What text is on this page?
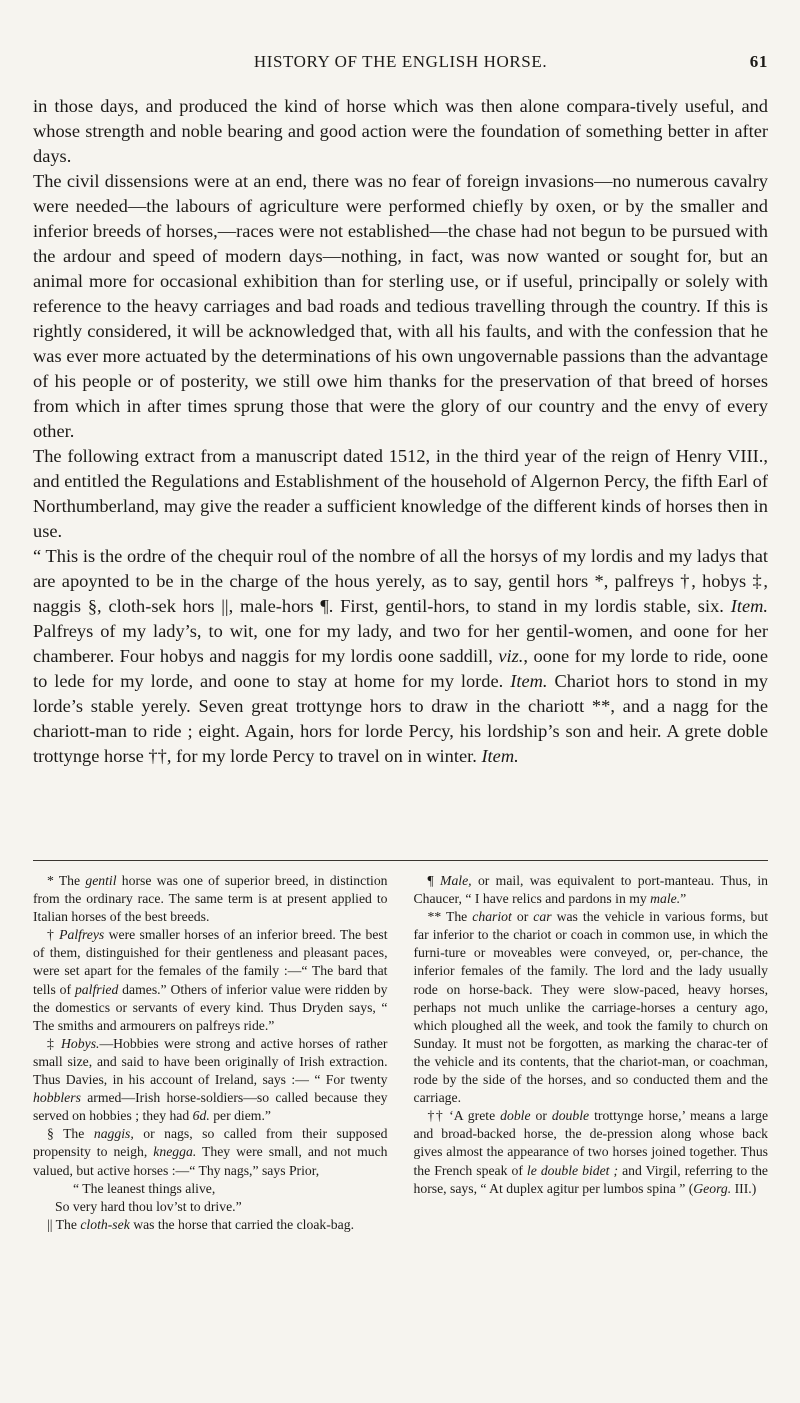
HISTORY OF THE ENGLISH HORSE.	61

in those days, and produced the kind of horse which was then alone compara-tively useful, and whose strength and noble bearing and good action were the foundation of something better in after days.

The civil dissensions were at an end, there was no fear of foreign invasions—no numerous cavalry were needed—the labours of agriculture were performed chiefly by oxen, or by the smaller and inferior breeds of horses,—races were not established—the chase had not begun to be pursued with the ardour and speed of modern days—nothing, in fact, was now wanted or sought for, but an animal more for occasional exhibition than for sterling use, or if useful, principally or solely with reference to the heavy carriages and bad roads and tedious travelling through the country. If this is rightly considered, it will be acknowledged that, with all his faults, and with the confession that he was ever more actuated by the determinations of his own ungovernable passions than the advantage of his people or of posterity, we still owe him thanks for the preservation of that breed of horses from which in after times sprung those that were the glory of our country and the envy of every other.

The following extract from a manuscript dated 1512, in the third year of the reign of Henry VIII., and entitled the Regulations and Establishment of the household of Algernon Percy, the fifth Earl of Northumberland, may give the reader a sufficient knowledge of the different kinds of horses then in use.

“ This is the ordre of the chequir roul of the nombre of all the horsys of my lordis and my ladys that are apoynted to be in the charge of the hous yerely, as to say, gentil hors *, palfreys †, hobys ‡, naggis §, cloth-sek hors ||, male-hors ¶. First, gentil-hors, to stand in my lordis stable, six. Item. Palfreys of my lady’s, to wit, one for my lady, and two for her gentil-women, and oone for her chamberer. Four hobys and naggis for my lordis oone saddill, viz., oone for my lorde to ride, oone to lede for my lorde, and oone to stay at home for my lorde. Item. Chariot hors to stond in my lorde’s stable yerely. Seven great trottynge hors to draw in the chariott **, and a nagg for the chariott-man to ride ; eight. Again, hors for lorde Percy, his lordship’s son and heir. A grete doble trottynge horse ††, for my lorde Percy to travel on in winter. Item.

* The gentil horse was one of superior breed, in distinction from the ordinary race. The same term is at present applied to Italian horses of the best breeds.

† Palfreys were smaller horses of an inferior breed. The best of them, distinguished for their gentleness and pleasant paces, were set apart for the females of the family :—“ The bard that tells of palfried dames.” Others of inferior value were ridden by the domestics or servants of every kind. Thus Dryden says, “ The smiths and armourers on palfreys ride.”

‡ Hobys.—Hobbies were strong and active horses of rather small size, and said to have been originally of Irish extraction. Thus Davies, in his account of Ireland, says :— “ For twenty hobblers armed—Irish horse-soldiers—so called because they served on hobbies ; they had 6d. per diem.”

§ The naggis, or nags, so called from their supposed propensity to neigh, knegga. They were small, and not much valued, but active horses :—“ Thy nags,” says Prior,
“ The leanest things alive,
So very hard thou lov’st to drive.”

|| The cloth-sek was the horse that carried the cloak-bag.

¶ Male, or mail, was equivalent to port-manteau. Thus, in Chaucer, “ I have relics and pardons in my male.”

** The chariot or car was the vehicle in various forms, but far inferior to the chariot or coach in common use, in which the furni-ture or moveables were conveyed, or, per-chance, the inferior females of the family. The lord and the lady usually rode on horse-back. They were slow-paced, heavy horses, perhaps not much unlike the carriage-horses a century ago, which ploughed all the week, and took the family to church on Sunday. It must not be forgotten, as marking the charac-ter of the vehicle and its contents, that the chariot-man, or coachman, rode by the side of the horses, and so conducted them and the carriage.

†† ‘A grete doble or double trottynge horse,’ means a large and broad-backed horse, the de-pression along whose back gives almost the appearance of two horses joined together. Thus the French speak of le double bidet ; and Virgil, referring to the horse, says, “ At duplex agitur per lumbos spina ” (Georg. III.)
